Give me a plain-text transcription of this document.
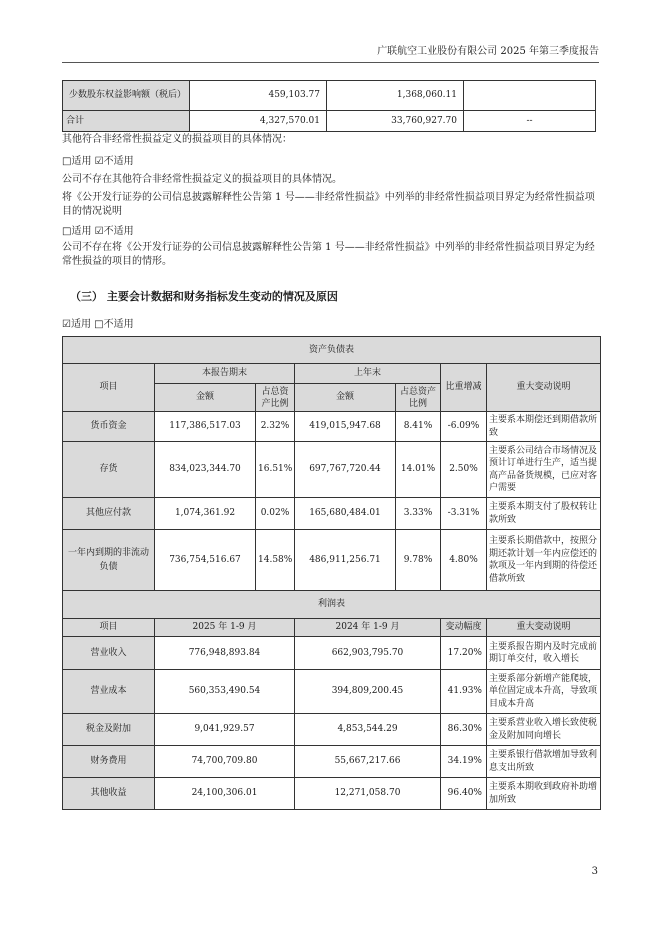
广联航空工业股份有限公司 2025 年第三季度报告
少数股东权益影响额（税后）	459,103.77	1,368,060.11	
合计	4,327,570.01	33,760,927.70	--
其他符合非经常性损益定义的损益项目的具体情况：
□适用 ☑不适用
公司不存在其他符合非经常性损益定义的损益项目的具体情况。
将《公开发行证券的公司信息披露解释性公告第 1 号——非经常性损益》中列举的非经常性损益项目界定为经常性损益项目的情况说明
□适用 ☑不适用
公司不存在将《公开发行证券的公司信息披露解释性公告第 1 号——非经常性损益》中列举的非经常性损益项目界定为经常性损益的项目的情形。
（三） 主要会计数据和财务指标发生变动的情况及原因
☑适用 □不适用
资产负债表						
项目	本报告期末		上年末		比重增减	重大变动说明
	金额	占总资产比例	金额	占总资产比例		
货币资金	117,386,517.03	2.32%	419,015,947.68	8.41%	-6.09%	主要系本期偿还到期借款所致
存货	834,023,344.70	16.51%	697,767,720.44	14.01%	2.50%	主要系公司结合市场情况及预计订单进行生产，适当提高产品备货规模，已应对客户需要
其他应付款	1,074,361.92	0.02%	165,680,484.01	3.33%	-3.31%	主要系本期支付了股权转让款所致
一年内到期的非流动负债	736,754,516.67	14.58%	486,911,256.71	9.78%	4.80%	主要系长期借款中，按照分期还款计划一年内应偿还的款项及一年内到期的待偿还借款所致
利润表						
项目	2025 年 1-9 月		2024 年 1-9 月		变动幅度	重大变动说明
营业收入	776,948,893.84		662,903,795.70		17.20%	主要系报告期内及时完成前期订单交付，收入增长
营业成本	560,353,490.54		394,809,200.45		41.93%	主要系部分新增产能爬坡，单位固定成本升高，导致项目成本升高
税金及附加	9,041,929.57		4,853,544.29		86.30%	主要系营业收入增长致使税金及附加同向增长
财务费用	74,700,709.80		55,667,217.66		34.19%	主要系银行借款增加导致利息支出所致
其他收益	24,100,306.01		12,271,058.70		96.40%	主要系本期收到政府补助增加所致
3
